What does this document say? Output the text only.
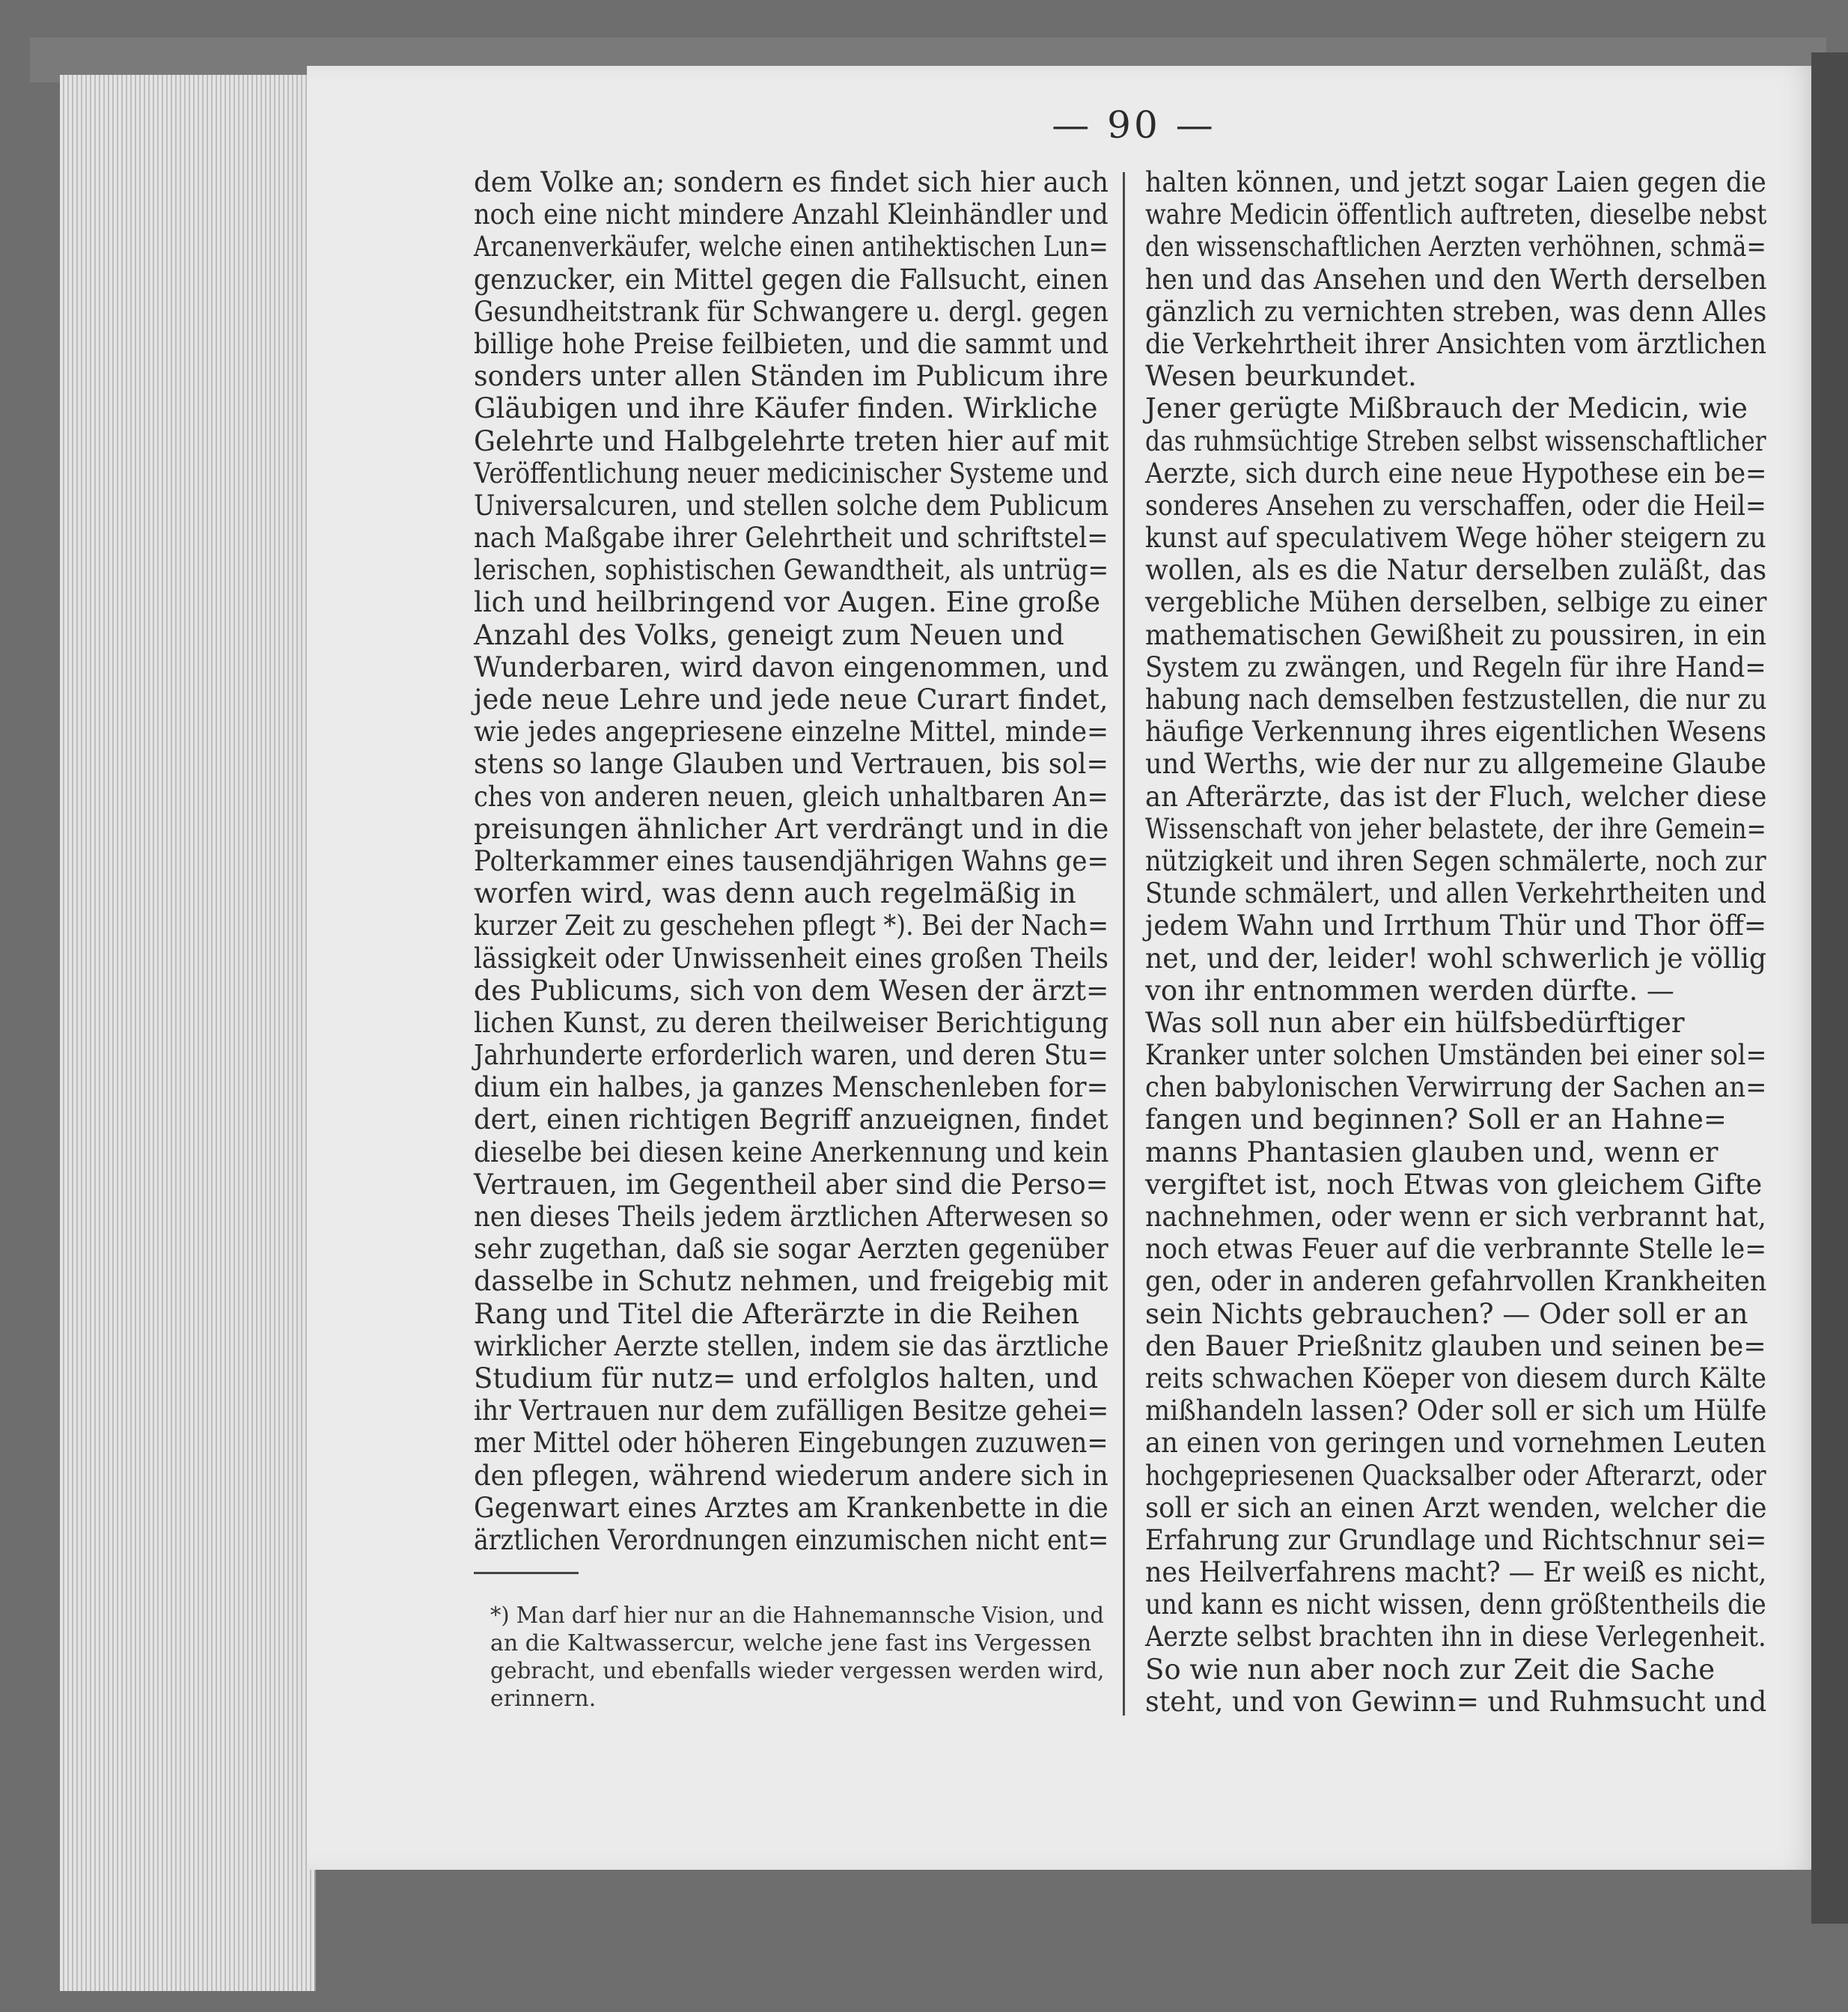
— 90 —
dem Volke an; sondern es findet sich hier auch
noch eine nicht mindere Anzahl Kleinhändler und
Arcanenverkäufer, welche einen antihektischen Lun=
genzucker, ein Mittel gegen die Fallsucht, einen
Gesundheitstrank für Schwangere u. dergl. gegen
billige hohe Preise feilbieten, und die sammt und
sonders unter allen Ständen im Publicum ihre
Gläubigen und ihre Käufer finden. Wirkliche
Gelehrte und Halbgelehrte treten hier auf mit
Veröffentlichung neuer medicinischer Systeme und
Universalcuren, und stellen solche dem Publicum
nach Maßgabe ihrer Gelehrtheit und schriftstel=
lerischen, sophistischen Gewandtheit, als untrüg=
lich und heilbringend vor Augen. Eine große
Anzahl des Volks, geneigt zum Neuen und
Wunderbaren, wird davon eingenommen, und
jede neue Lehre und jede neue Curart findet,
wie jedes angepriesene einzelne Mittel, minde=
stens so lange Glauben und Vertrauen, bis sol=
ches von anderen neuen, gleich unhaltbaren An=
preisungen ähnlicher Art verdrängt und in die
Polterkammer eines tausendjährigen Wahns ge=
worfen wird, was denn auch regelmäßig in
kurzer Zeit zu geschehen pflegt *). Bei der Nach=
lässigkeit oder Unwissenheit eines großen Theils
des Publicums, sich von dem Wesen der ärzt=
lichen Kunst, zu deren theilweiser Berichtigung
Jahrhunderte erforderlich waren, und deren Stu=
dium ein halbes, ja ganzes Menschenleben for=
dert, einen richtigen Begriff anzueignen, findet
dieselbe bei diesen keine Anerkennung und kein
Vertrauen, im Gegentheil aber sind die Perso=
nen dieses Theils jedem ärztlichen Afterwesen so
sehr zugethan, daß sie sogar Aerzten gegenüber
dasselbe in Schutz nehmen, und freigebig mit
Rang und Titel die Afterärzte in die Reihen
wirklicher Aerzte stellen, indem sie das ärztliche
Studium für nutz= und erfolglos halten, und
ihr Vertrauen nur dem zufälligen Besitze gehei=
mer Mittel oder höheren Eingebungen zuzuwen=
den pflegen, während wiederum andere sich in
Gegenwart eines Arztes am Krankenbette in die
ärztlichen Verordnungen einzumischen nicht ent=
halten können, und jetzt sogar Laien gegen die
wahre Medicin öffentlich auftreten, dieselbe nebst
den wissenschaftlichen Aerzten verhöhnen, schmä=
hen und das Ansehen und den Werth derselben
gänzlich zu vernichten streben, was denn Alles
die Verkehrtheit ihrer Ansichten vom ärztlichen
Wesen beurkundet.
Jener gerügte Mißbrauch der Medicin, wie
das ruhmsüchtige Streben selbst wissenschaftlicher
Aerzte, sich durch eine neue Hypothese ein be=
sonderes Ansehen zu verschaffen, oder die Heil=
kunst auf speculativem Wege höher steigern zu
wollen, als es die Natur derselben zuläßt, das
vergebliche Mühen derselben, selbige zu einer
mathematischen Gewißheit zu poussiren, in ein
System zu zwängen, und Regeln für ihre Hand=
habung nach demselben festzustellen, die nur zu
häufige Verkennung ihres eigentlichen Wesens
und Werths, wie der nur zu allgemeine Glaube
an Afterärzte, das ist der Fluch, welcher diese
Wissenschaft von jeher belastete, der ihre Gemein=
nützigkeit und ihren Segen schmälerte, noch zur
Stunde schmälert, und allen Verkehrtheiten und
jedem Wahn und Irrthum Thür und Thor öff=
net, und der, leider! wohl schwerlich je völlig
von ihr entnommen werden dürfte. —
Was soll nun aber ein hülfsbedürftiger
Kranker unter solchen Umständen bei einer sol=
chen babylonischen Verwirrung der Sachen an=
fangen und beginnen? Soll er an Hahne=
manns Phantasien glauben und, wenn er
vergiftet ist, noch Etwas von gleichem Gifte
nachnehmen, oder wenn er sich verbrannt hat,
noch etwas Feuer auf die verbrannte Stelle le=
gen, oder in anderen gefahrvollen Krankheiten
sein Nichts gebrauchen? — Oder soll er an
den Bauer Prießnitz glauben und seinen be=
reits schwachen Köeper von diesem durch Kälte
mißhandeln lassen? Oder soll er sich um Hülfe
an einen von geringen und vornehmen Leuten
hochgepriesenen Quacksalber oder Afterarzt, oder
soll er sich an einen Arzt wenden, welcher die
Erfahrung zur Grundlage und Richtschnur sei=
nes Heilverfahrens macht? — Er weiß es nicht,
und kann es nicht wissen, denn größtentheils die
Aerzte selbst brachten ihn in diese Verlegenheit.
So wie nun aber noch zur Zeit die Sache
steht, und von Gewinn= und Ruhmsucht und
*) Man darf hier nur an die Hahnemannsche Vision, und
an die Kaltwassercur, welche jene fast ins Vergessen
gebracht, und ebenfalls wieder vergessen werden wird,
erinnern.
